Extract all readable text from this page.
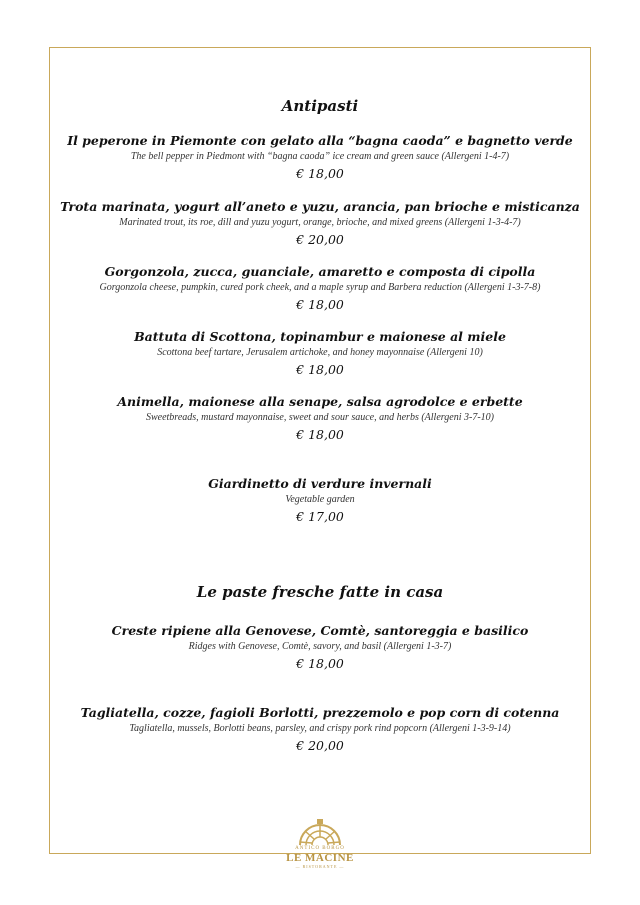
Antipasti
Il peperone in Piemonte con gelato alla “bagna caoda” e bagnetto verde
The bell pepper in Piedmont with “bagna caoda” ice cream and green sauce (Allergeni 1-4-7)
€ 18,00
Trota marinata, yogurt all’aneto e yuzu, arancia, pan brioche e misticanza
Marinated trout, its roe, dill and yuzu yogurt, orange, brioche, and mixed greens (Allergeni 1-3-4-7)
€ 20,00
Gorgonzola, zucca, guanciale, amaretto e composta di cipolla
Gorgonzola cheese, pumpkin, cured pork cheek, and a maple syrup and Barbera reduction (Allergeni 1-3-7-8)
€ 18,00
Battuta di Scottona, topinambur e maionese al miele
Scottona beef tartare, Jerusalem artichoke, and honey mayonnaise (Allergeni 10)
€ 18,00
Animella, maionese alla senape, salsa agrodolce e erbette
Sweetbreads, mustard mayonnaise, sweet and sour sauce, and herbs (Allergeni 3-7-10)
€ 18,00
Giardinetto di verdure invernali
Vegetable garden
€ 17,00
Le paste fresche fatte in casa
Creste ripiene alla Genovese, Comtè, santoreggia e basilico
Ridges with Genovese, Comtè, savory, and basil (Allergeni 1-3-7)
€ 18,00
Tagliatella, cozze, fagioli Borlotti, prezzemolo e pop corn di cotenna
Tagliatella, mussels, Borlotti beans, parsley, and crispy pork rind popcorn (Allergeni 1-3-9-14)
€ 20,00
ANTICO BORGO
LE MACINE
— RISTORANTE —
